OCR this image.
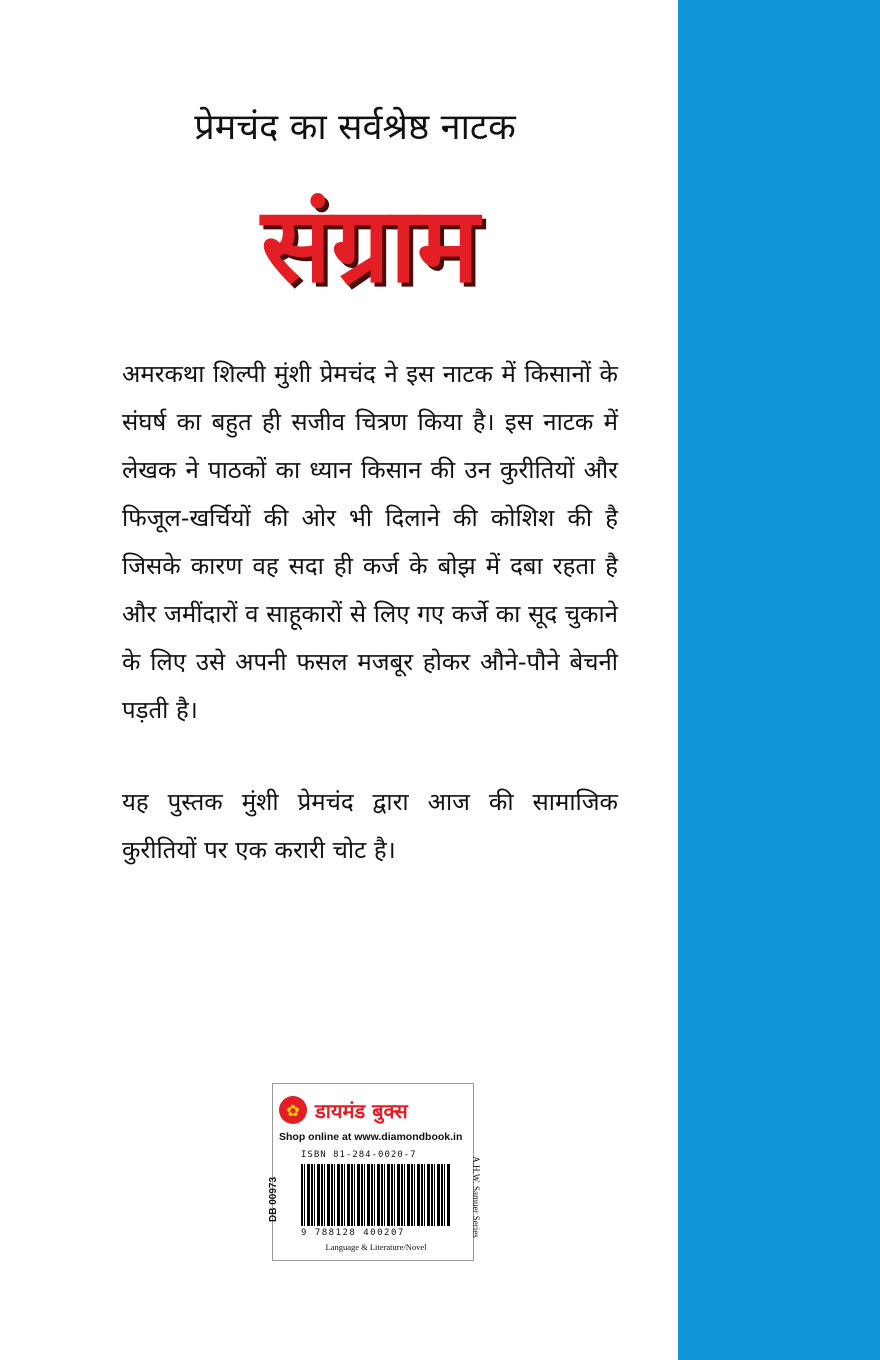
प्रेमचंद का सर्वश्रेष्ठ नाटक
संग्राम

अमरकथा शिल्पी मुंशी प्रेमचंद ने इस नाटक में किसानों के संघर्ष का बहुत ही सजीव चित्रण किया है। इस नाटक में लेखक ने पाठकों का ध्यान किसान की उन कुरीतियों और फिजूल-खर्चियों की ओर भी दिलाने की कोशिश की है जिसके कारण वह सदा ही कर्ज के बोझ में दबा रहता है और जमींदारों व साहूकारों से लिए गए कर्जे का सूद चुकाने के लिए उसे अपनी फसल मजबूर होकर औने-पौने बेचनी पड़ती है।

यह पुस्तक मुंशी प्रेमचंद द्वारा आज की सामाजिक कुरीतियों पर एक करारी चोट है।

✿ डायमंड बुक्स
Shop online at www.diamondbook.in
DB 00973
ISBN 81-284-0020-7
9 788128 400207
Language & Literature/Novel
A.H.W. Samuer Series
